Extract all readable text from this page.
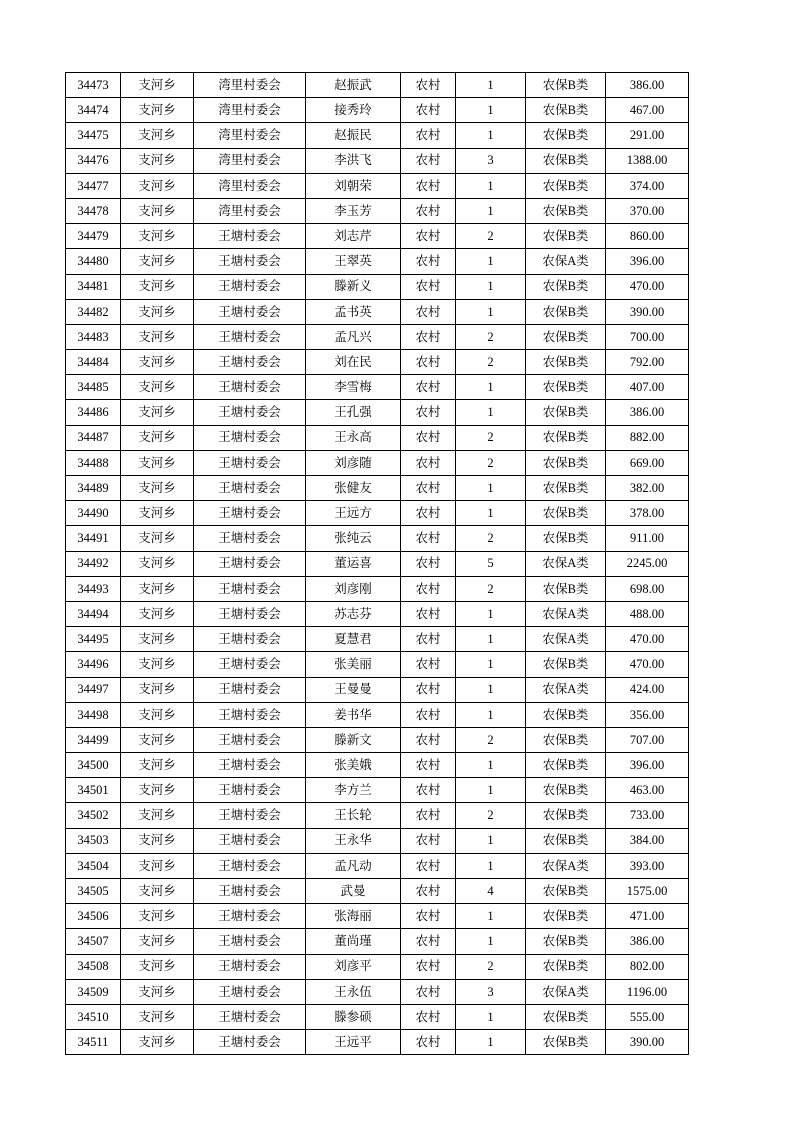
34473	支河乡	湾里村委会	赵振武	农村	1	农保B类	386.00
34474	支河乡	湾里村委会	接秀玲	农村	1	农保B类	467.00
34475	支河乡	湾里村委会	赵振民	农村	1	农保B类	291.00
34476	支河乡	湾里村委会	李洪飞	农村	3	农保B类	1388.00
34477	支河乡	湾里村委会	刘朝荣	农村	1	农保B类	374.00
34478	支河乡	湾里村委会	李玉芳	农村	1	农保B类	370.00
34479	支河乡	王塘村委会	刘志芹	农村	2	农保B类	860.00
34480	支河乡	王塘村委会	王翠英	农村	1	农保A类	396.00
34481	支河乡	王塘村委会	滕新义	农村	1	农保B类	470.00
34482	支河乡	王塘村委会	孟书英	农村	1	农保B类	390.00
34483	支河乡	王塘村委会	孟凡兴	农村	2	农保B类	700.00
34484	支河乡	王塘村委会	刘在民	农村	2	农保B类	792.00
34485	支河乡	王塘村委会	李雪梅	农村	1	农保B类	407.00
34486	支河乡	王塘村委会	王孔强	农村	1	农保B类	386.00
34487	支河乡	王塘村委会	王永高	农村	2	农保B类	882.00
34488	支河乡	王塘村委会	刘彦随	农村	2	农保B类	669.00
34489	支河乡	王塘村委会	张健友	农村	1	农保B类	382.00
34490	支河乡	王塘村委会	王远方	农村	1	农保B类	378.00
34491	支河乡	王塘村委会	张纯云	农村	2	农保B类	911.00
34492	支河乡	王塘村委会	董运喜	农村	5	农保A类	2245.00
34493	支河乡	王塘村委会	刘彦刚	农村	2	农保B类	698.00
34494	支河乡	王塘村委会	苏志芬	农村	1	农保A类	488.00
34495	支河乡	王塘村委会	夏慧君	农村	1	农保A类	470.00
34496	支河乡	王塘村委会	张美丽	农村	1	农保B类	470.00
34497	支河乡	王塘村委会	王曼曼	农村	1	农保A类	424.00
34498	支河乡	王塘村委会	姜书华	农村	1	农保B类	356.00
34499	支河乡	王塘村委会	滕新文	农村	2	农保B类	707.00
34500	支河乡	王塘村委会	张美娥	农村	1	农保B类	396.00
34501	支河乡	王塘村委会	李方兰	农村	1	农保B类	463.00
34502	支河乡	王塘村委会	王长轮	农村	2	农保B类	733.00
34503	支河乡	王塘村委会	王永华	农村	1	农保B类	384.00
34504	支河乡	王塘村委会	孟凡动	农村	1	农保A类	393.00
34505	支河乡	王塘村委会	武曼	农村	4	农保B类	1575.00
34506	支河乡	王塘村委会	张海丽	农村	1	农保B类	471.00
34507	支河乡	王塘村委会	董尚瑾	农村	1	农保B类	386.00
34508	支河乡	王塘村委会	刘彦平	农村	2	农保B类	802.00
34509	支河乡	王塘村委会	王永伍	农村	3	农保A类	1196.00
34510	支河乡	王塘村委会	滕参硕	农村	1	农保B类	555.00
34511	支河乡	王塘村委会	王远平	农村	1	农保B类	390.00
